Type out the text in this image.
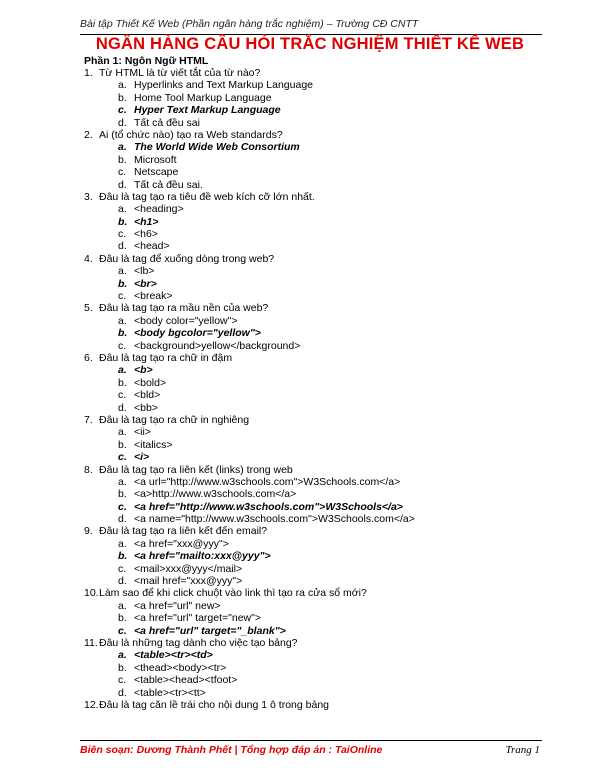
Bài tập Thiết Kế Web (Phần ngân hàng trắc nghiệm) – Trường CĐ CNTT
NGÂN HÀNG CÂU HỎI TRẮC NGHIỆM THIẾT KẾ WEB
Phần 1: Ngôn Ngữ HTML
1. Từ HTML là từ viết tắt của từ nào?
a. Hyperlinks and Text Markup Language
b. Home Tool Markup Language
c. Hyper Text Markup Language
d. Tất cả đều sai
2. Ai (tổ chức nào) tạo ra Web standards?
a. The World Wide Web Consortium
b. Microsoft
c. Netscape
d. Tất cả đều sai.
3. Đâu là tag tạo ra tiêu đề web kích cỡ lớn nhất.
a. <heading>
b. <h1>
c. <h6>
d. <head>
4. Đâu là tag để xuống dòng trong web?
a. <lb>
b. <br>
c. <break>
5. Đâu là tag tạo ra mầu nền của web?
a. <body color="yellow">
b. <body bgcolor="yellow">
c. <background>yellow</background>
6. Đâu là tag tạo ra chữ in đậm
a. <b>
b. <bold>
c. <bld>
d. <bb>
7. Đâu là tag tạo ra chữ in nghiêng
a. <ii>
b. <italics>
c. <i>
8. Đâu là tag tạo ra liên kết (links) trong web
a. <a url="http://www.w3schools.com">W3Schools.com</a>
b. <a>http://www.w3schools.com</a>
c. <a href="http://www.w3schools.com">W3Schools</a>
d. <a name="http://www.w3schools.com">W3Schools.com</a>
9. Đâu là tag tạo ra liên kết đến email?
a. <a href="xxx@yyy">
b. <a href="mailto:xxx@yyy">
c. <mail>xxx@yyy</mail>
d. <mail href="xxx@yyy">
10.Làm sao để khi click chuột vào link thì tạo ra cửa sổ mới?
a. <a href="url" new>
b. <a href="url" target="new">
c. <a href="url" target="_blank">
11.Đâu là những tag dành cho việc tạo bảng?
a. <table><tr><td>
b. <thead><body><tr>
c. <table><head><tfoot>
d. <table><tr><tt>
12.Đâu là tag căn lề trái cho nội dung 1 ô trong bảng
Biên soạn: Dương Thành Phết | Tổng hợp đáp án : TaiOnline	Trang 1
